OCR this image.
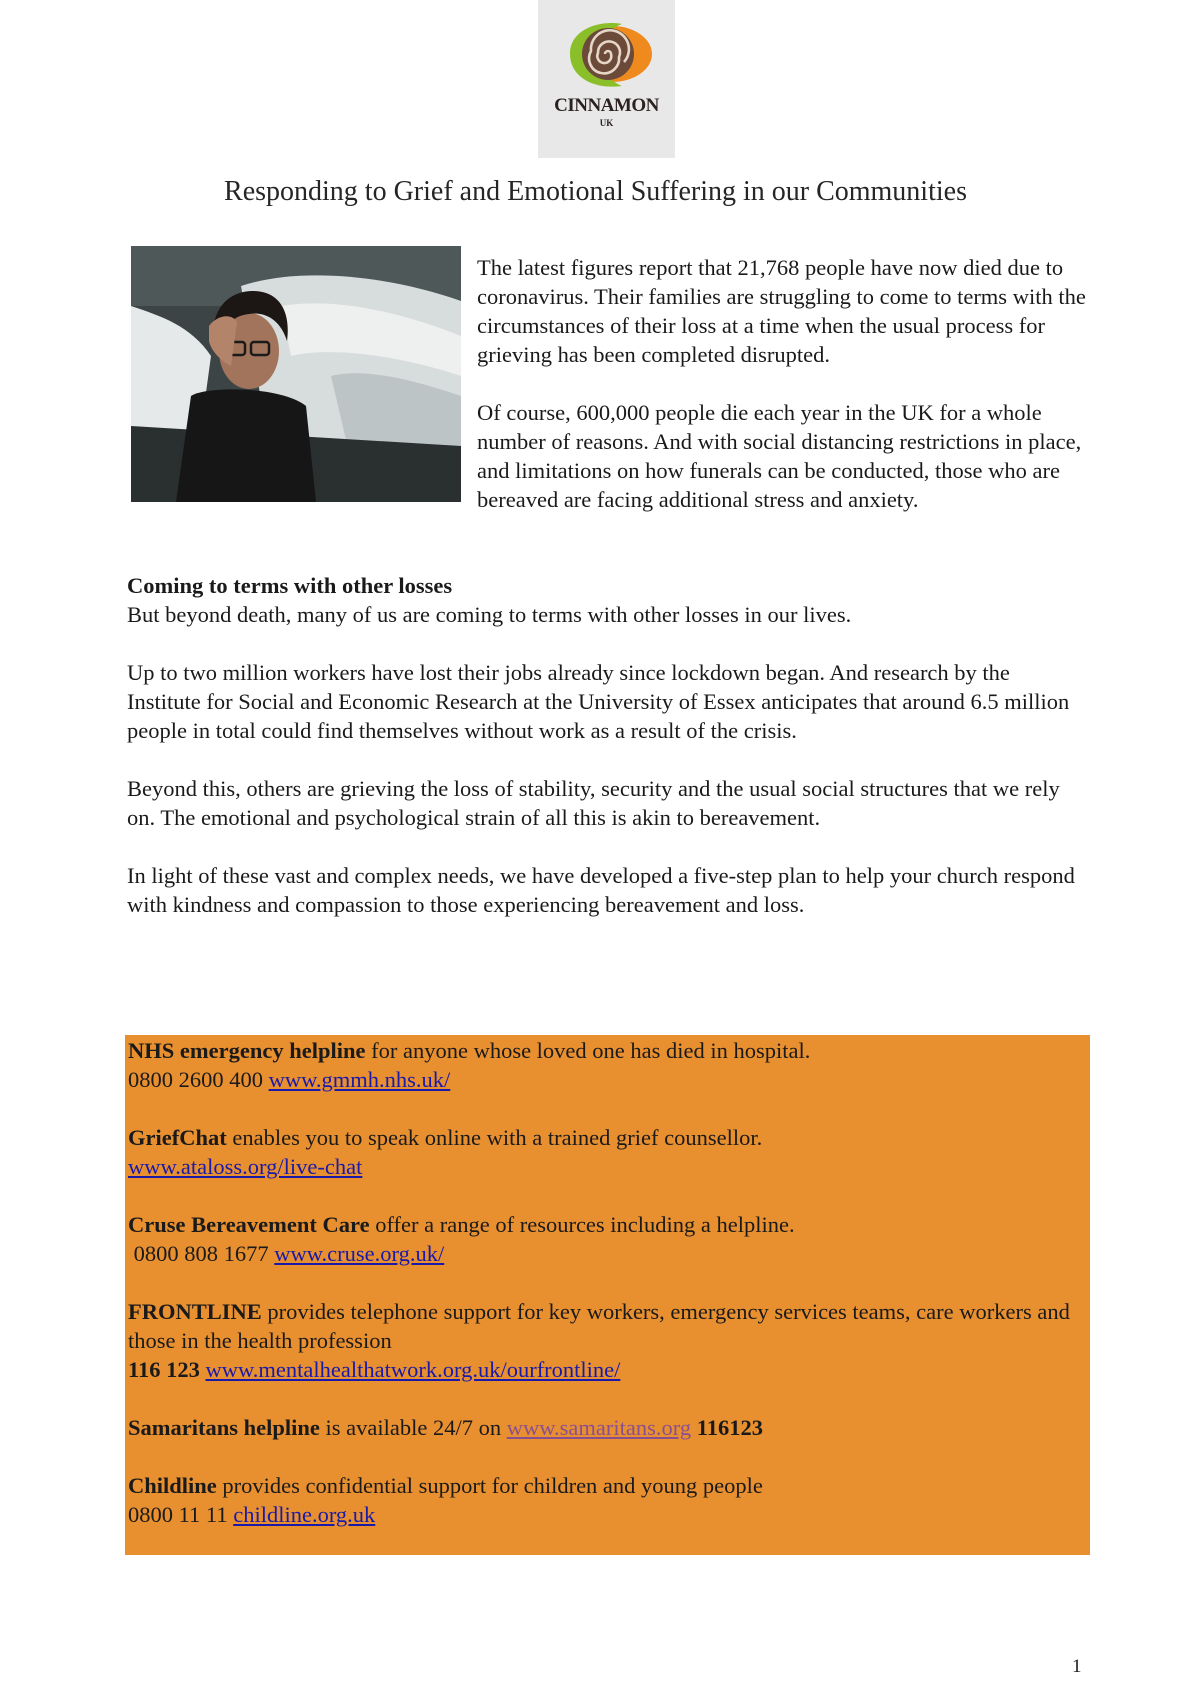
CINNAMON
UK
Responding to Grief and Emotional Suffering in our Communities

The latest figures report that 21,768 people have now died due to coronavirus. Their families are struggling to come to terms with the circumstances of their loss at a time when the usual process for grieving has been completed disrupted.

Of course, 600,000 people die each year in the UK for a whole number of reasons. And with social distancing restrictions in place, and limitations on how funerals can be conducted, those who are bereaved are facing additional stress and anxiety.

Coming to terms with other losses
But beyond death, many of us are coming to terms with other losses in our lives.

Up to two million workers have lost their jobs already since lockdown began. And research by the Institute for Social and Economic Research at the University of Essex anticipates that around 6.5 million people in total could find themselves without work as a result of the crisis.

Beyond this, others are grieving the loss of stability, security and the usual social structures that we rely on. The emotional and psychological strain of all this is akin to bereavement.

In light of these vast and complex needs, we have developed a five-step plan to help your church respond with kindness and compassion to those experiencing bereavement and loss.

NHS emergency helpline for anyone whose loved one has died in hospital.
0800 2600 400 www.gmmh.nhs.uk/

GriefChat enables you to speak online with a trained grief counsellor.
www.ataloss.org/live-chat

Cruse Bereavement Care offer a range of resources including a helpline.
0800 808 1677 www.cruse.org.uk/

FRONTLINE provides telephone support for key workers, emergency services teams, care workers and those in the health profession
116 123 www.mentalhealthatwork.org.uk/ourfrontline/

Samaritans helpline is available 24/7 on www.samaritans.org 116123

Childline provides confidential support for children and young people
0800 11 11 childline.org.uk

1
